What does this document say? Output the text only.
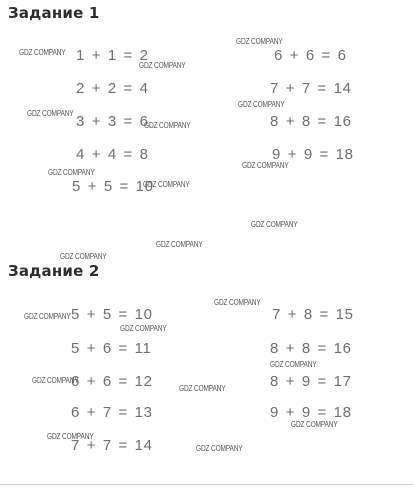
Задание 1
1 + 1 = 2
2 + 2 = 4
3 + 3 = 6
4 + 4 = 8
5 + 5 = 10
6 + 6 = 6
7 + 7 = 14
8 + 8 = 16
9 + 9 = 18
Задание 2
5 + 5 = 10
5 + 6 = 11
6 + 6 = 12
6 + 7 = 13
7 + 7 = 14
7 + 8 = 15
8 + 8 = 16
8 + 9 = 17
9 + 9 = 18
GDZ COMPANY
GDZ COMPANY
GDZ COMPANY
GDZ COMPANY
GDZ COMPANY
GDZ COMPANY
GDZ COMPANY
GDZ COMPANY
GDZ COMPANY
GDZ COMPANY
GDZ COMPANY
GDZ COMPANY
GDZ COMPANY
GDZ COMPANY
GDZ COMPANY
GDZ COMPANY
GDZ COMPANY
GDZ COMPANY
GDZ COMPANY
GDZ COMPANY
GDZ COMPANY
